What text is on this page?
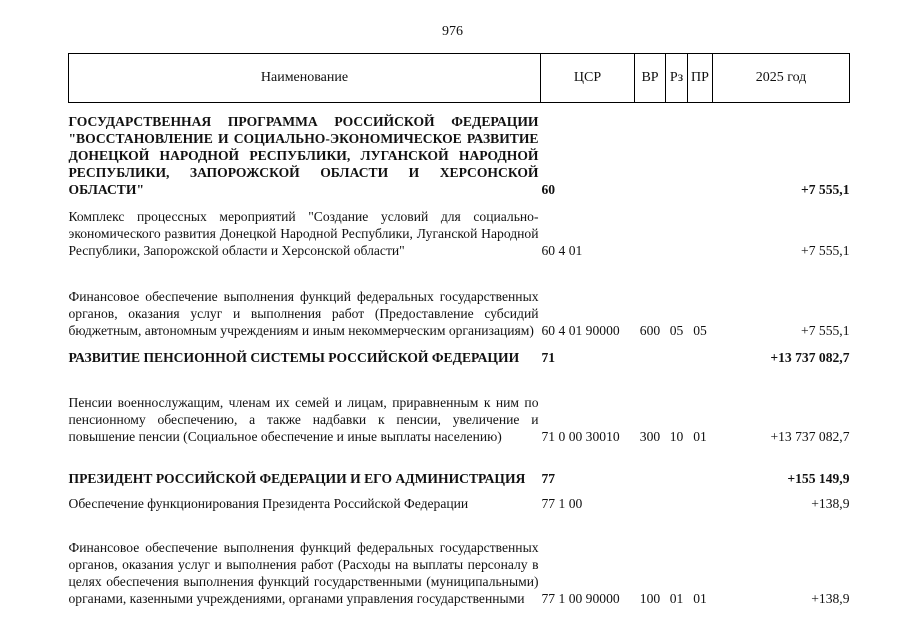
976
Наименование	ЦСР	ВР	Рз	ПР	2025 год
ГОСУДАРСТВЕННАЯ ПРОГРАММА РОССИЙСКОЙ ФЕДЕРАЦИИ "ВОССТАНОВЛЕНИЕ И СОЦИАЛЬНО-ЭКОНОМИЧЕСКОЕ РАЗВИТИЕ ДОНЕЦКОЙ НАРОДНОЙ РЕСПУБЛИКИ, ЛУГАНСКОЙ НАРОДНОЙ РЕСПУБЛИКИ, ЗАПОРОЖСКОЙ ОБЛАСТИ И ХЕРСОНСКОЙ ОБЛАСТИ"	60				+7 555,1
Комплекс процессных мероприятий "Создание условий для социально-экономического развития Донецкой Народной Республики, Луганской Народной Республики, Запорожской области и Херсонской области"	60 4 01				+7 555,1
Финансовое обеспечение выполнения функций федеральных государственных органов, оказания услуг и выполнения работ (Предоставление субсидий бюджетным, автономным учреждениям и иным некоммерческим организациям)	60 4 01 90000	600	05	05	+7 555,1
РАЗВИТИЕ ПЕНСИОННОЙ СИСТЕМЫ РОССИЙСКОЙ ФЕДЕРАЦИИ	71				+13 737 082,7
Пенсии военнослужащим, членам их семей и лицам, приравненным к ним по пенсионному обеспечению, а также надбавки к пенсии, увеличение и повышение пенсии (Социальное обеспечение и иные выплаты населению)	71 0 00 30010	300	10	01	+13 737 082,7
ПРЕЗИДЕНТ РОССИЙСКОЙ ФЕДЕРАЦИИ И ЕГО АДМИНИСТРАЦИЯ	77				+155 149,9
Обеспечение функционирования Президента Российской Федерации	77 1 00				+138,9
Финансовое обеспечение выполнения функций федеральных государственных органов, оказания услуг и выполнения работ (Расходы на выплаты персоналу в целях обеспечения выполнения функций государственными (муниципальными) органами, казенными учреждениями, органами управления государственными	77 1 00 90000	100	01	01	+138,9
